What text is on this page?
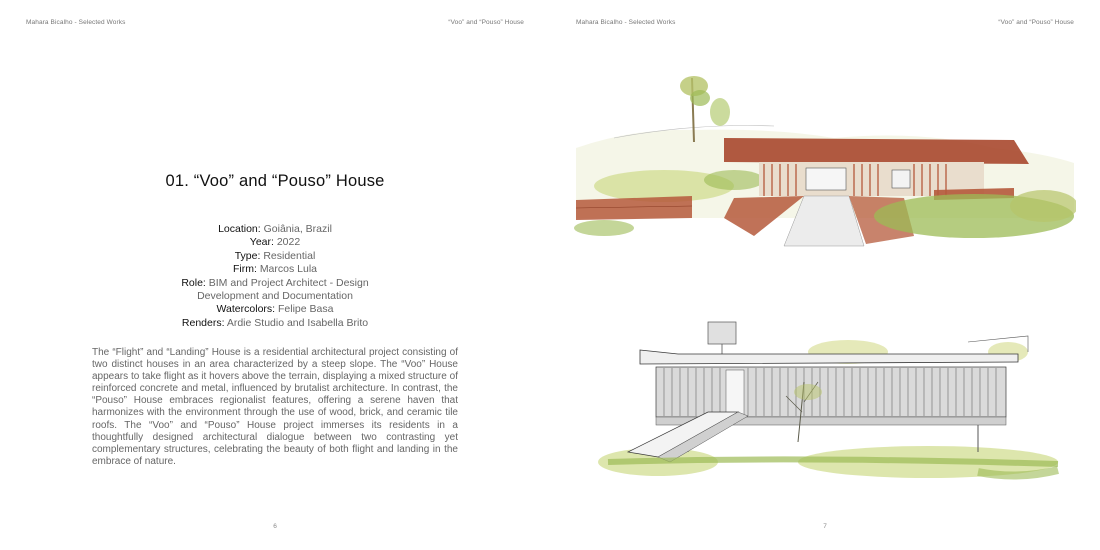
Mahara Bicalho - Selected Works	“Voo” and “Pouso” House
01. “Voo” and “Pouso” House
Location: Goiânia, Brazil
Year: 2022
Type: Residential
Firm: Marcos Lula
Role: BIM and Project Architect - Design Development and Documentation
Watercolors: Felipe Basa
Renders: Ardie Studio and Isabella Brito
The “Flight” and “Landing” House is a residential architectural project consisting of two distinct houses in an area characterized by a steep slope. The “Voo” House appears to take flight as it hovers above the terrain, displaying a mixed structure of reinforced concrete and metal, influenced by brutalist architecture. In contrast, the “Pouso” House embraces regionalist features, offering a serene haven that harmonizes with the environment through the use of wood, brick, and ceramic tile roofs. The “Voo” and “Pouso” House project immerses its residents in a thoughtfully designed architectural dialogue between two contrasting yet complementary structures, celebrating the beauty of both flight and landing in the embrace of nature.
6
Mahara Bicalho - Selected Works	“Voo” and “Pouso” House
7
